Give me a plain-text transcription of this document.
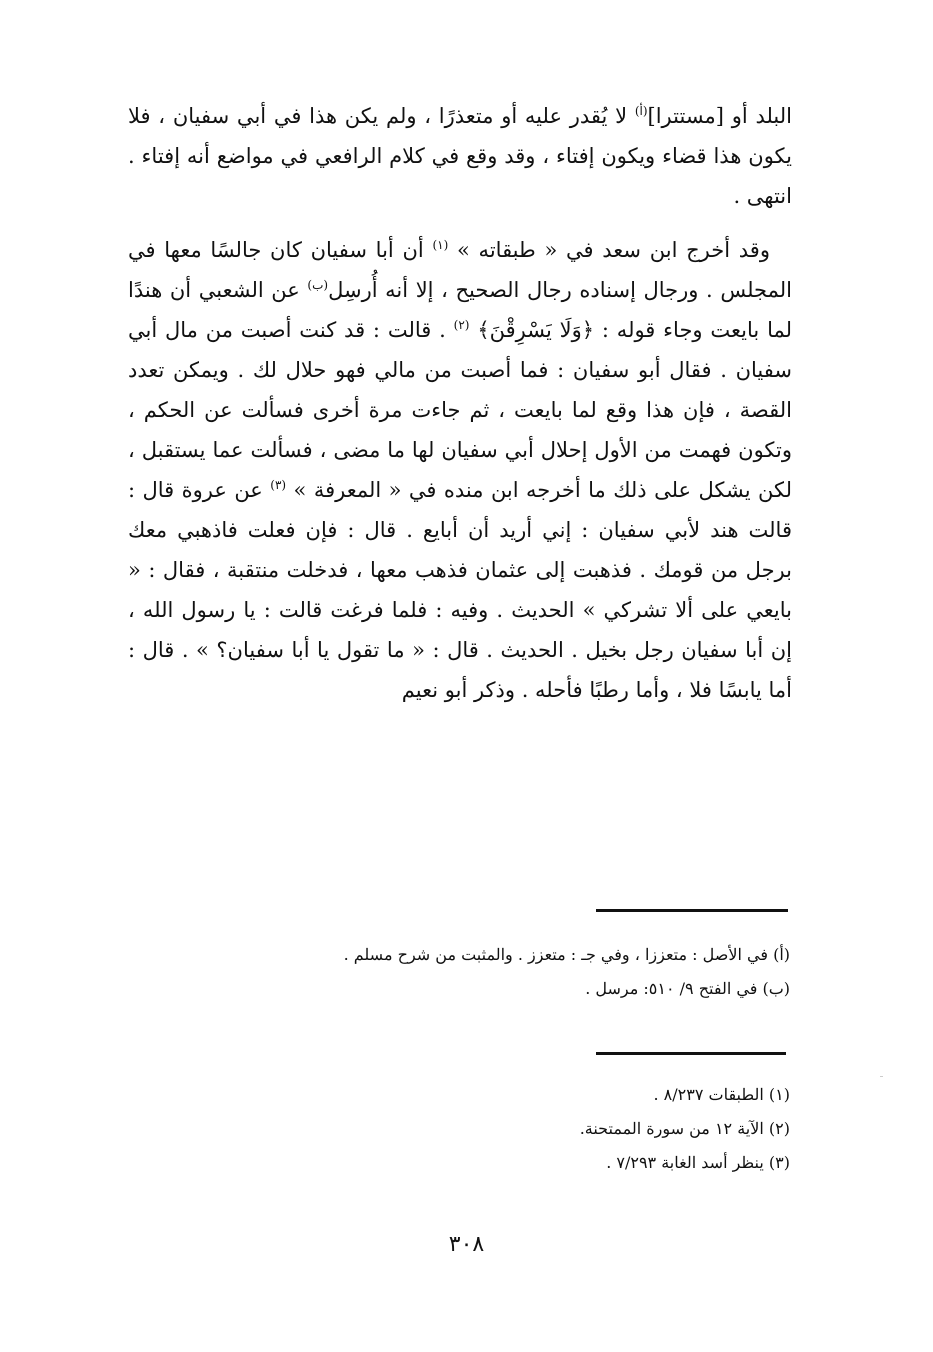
البلد أو [مستترا]$^{(أ)}$ لا يُقدر عليه أو متعذرًا ، ولم يكن هذا في أبي سفيان ، فلا يكون هذا قضاء ويكون إفتاء ، وقد وقع في كلام الرافعي في مواضع أنه إفتاء . انتهى .

وقد أخرج ابن سعد في « طبقاته » $^{(١)}$ أن أبا سفيان كان جالسًا معها في المجلس . ورجال إسناده رجال الصحيح ، إلا أنه أُرسِل$^{(ب)}$ عن الشعبي أن هندًا لما بايعت وجاء قوله : ﴿وَلَا يَسْرِقْنَ﴾ $^{(٢)}$ . قالت : قد كنت أصبت من مال أبي سفيان . فقال أبو سفيان : فما أصبت من مالي فهو حلال لك . ويمكن تعدد القصة ، فإن هذا وقع لما بايعت ، ثم جاءت مرة أخرى فسألت عن الحكم ، وتكون فهمت من الأول إحلال أبي سفيان لها ما مضى ، فسألت عما يستقبل ، لكن يشكل على ذلك ما أخرجه ابن منده في « المعرفة » $^{(٣)}$ عن عروة قال : قالت هند لأبي سفيان : إني أريد أن أبايع . قال : فإن فعلت فاذهبي معك برجل من قومك . فذهبت إلى عثمان فذهب معها ، فدخلت منتقبة ، فقال : « بايعي على ألا تشركي » الحديث . وفيه : فلما فرغت قالت : يا رسول الله ، إن أبا سفيان رجل بخيل . الحديث . قال : « ما تقول يا أبا سفيان؟ » . قال : أما يابسًا فلا ، وأما رطبًا فأحله . وذكر أبو نعيم

(أ) في الأصل : متعززا ، وفي جـ : متعزز . والمثبت من شرح مسلم .

(ب) في الفتح ٩/ ٥١٠: مرسل .

(١) الطبقات ٨/٢٣٧ .

(٢) الآية ١٢ من سورة الممتحنة.

(٣) ينظر أسد الغابة ٧/٢٩٣ .

٣٠٨
